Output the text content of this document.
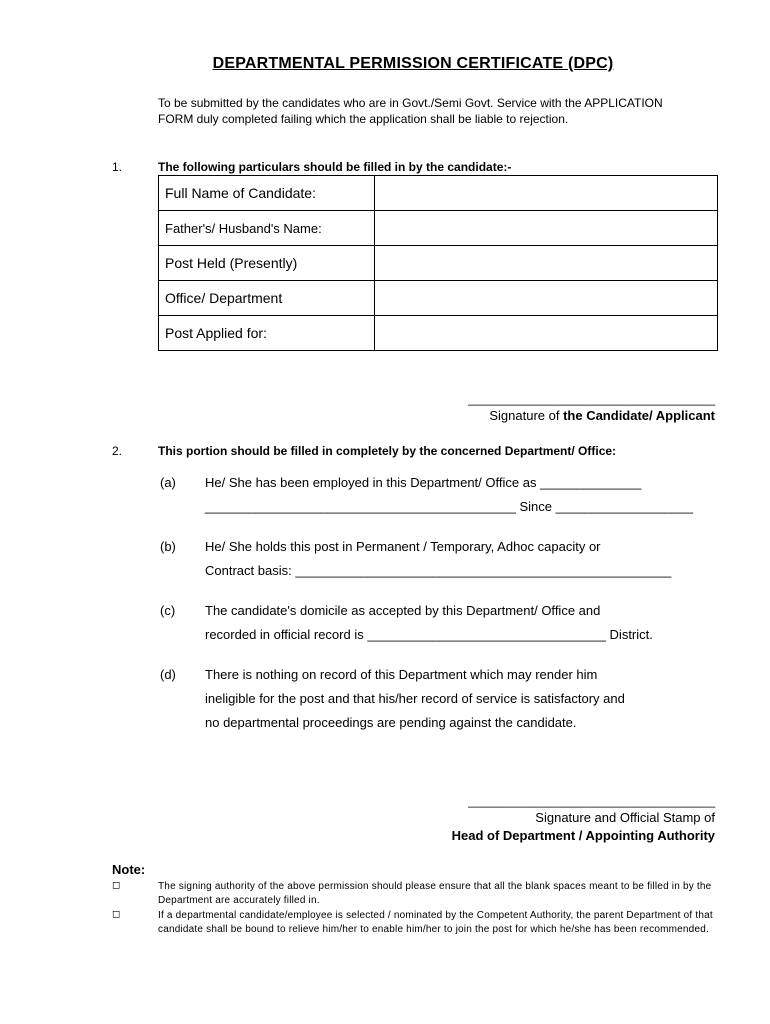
DEPARTMENTAL PERMISSION CERTIFICATE (DPC)
To be submitted by the candidates who are in Govt./Semi Govt. Service with the APPLICATION FORM duly completed failing which the application shall be liable to rejection.
1.	The following particulars should be filled in by the candidate:-
Full Name of Candidate:	
Father's/ Husband's Name:	
Post Held (Presently)	
Office/ Department	
Post Applied for:	
_____________________________________
Signature of the Candidate/ Applicant
2.	This portion should be filled in completely by the concerned Department/ Office:
(a) He/ She has been employed in this Department/ Office as ______________
___________________________________________ Since ___________________
(b) He/ She holds this post in Permanent / Temporary, Adhoc capacity or
Contract basis: ____________________________________________________
(c) The candidate's domicile as accepted by this Department/ Office and
recorded in official record is _________________________________ District.
(d) There is nothing on record of this Department which may render him
ineligible for the post and that his/her record of service is satisfactory and
no departmental proceedings are pending against the candidate.
_____________________________________
Signature and Official Stamp of
Head of Department / Appointing Authority
Note:
◻	The signing authority of the above permission should please ensure that all the blank spaces meant to be filled in by the Department are accurately filled in.
◻	If a departmental candidate/employee is selected / nominated by the Competent Authority, the parent Department of that candidate shall be bound to relieve him/her to enable him/her to join the post for which he/she has been recommended.
